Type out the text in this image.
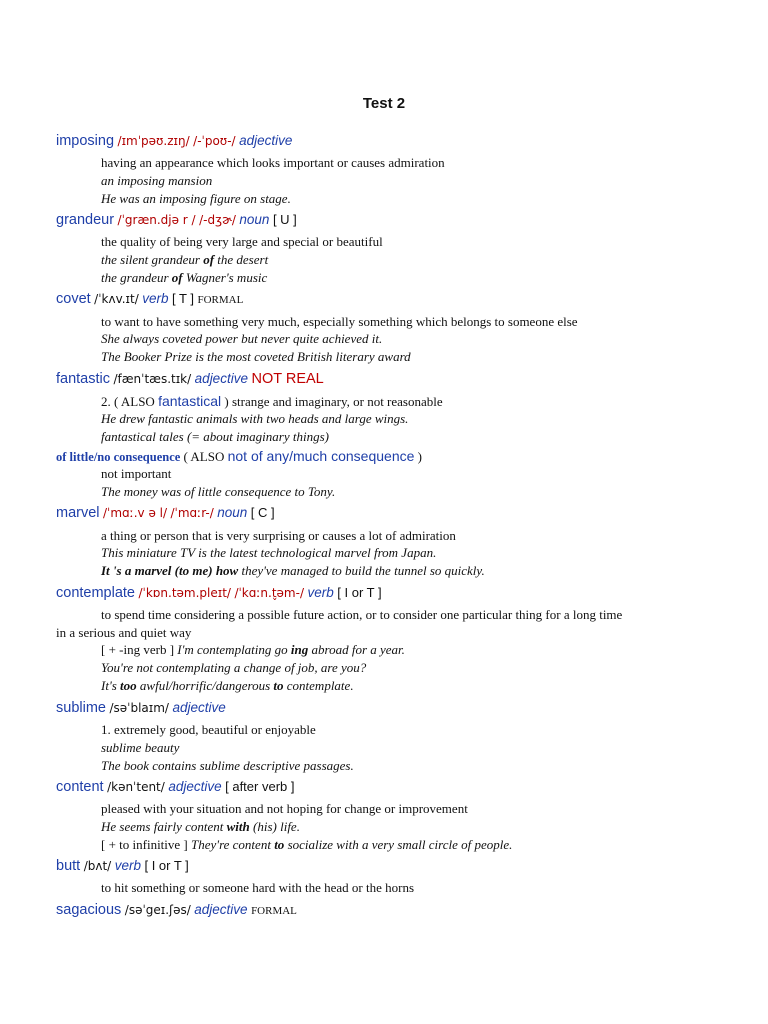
Test 2
imposing /ɪmˈpəʊ.zɪŋ/ /-ˈpoʊ-/ adjective
having an appearance which looks important or causes admiration
an imposing mansion
He was an imposing figure on stage.
grandeur /ˈgræn.djə r / /-dʒɚ/ noun [ U ]
the quality of being very large and special or beautiful
the silent grandeur of the desert
the grandeur of Wagner's music
covet /ˈkʌv.ɪt/ verb [ T ] FORMAL
to want to have something very much, especially something which belongs to someone else
She always coveted power but never quite achieved it.
The Booker Prize is the most coveted British literary award
fantastic /fænˈtæs.tɪk/ adjective NOT REAL
2. ( ALSO fantastical ) strange and imaginary, or not reasonable
He drew fantastic animals with two heads and large wings.
fantastical tales (= about imaginary things)
of little/no consequence ( ALSO not of any/much consequence )
not important
The money was of little consequence to Tony.
marvel /ˈmɑː.v ə l/ /ˈmɑːr-/ noun [ C ]
a thing or person that is very surprising or causes a lot of admiration
This miniature TV is the latest technological marvel from Japan.
It 's a marvel (to me) how they've managed to build the tunnel so quickly.
contemplate /ˈkɒn.təm.pleɪt/ /ˈkɑːn.t̬əm-/ verb [ I or T ]
to spend time considering a possible future action, or to consider one particular thing for a long time
in a serious and quiet way
[ + -ing verb ] I'm contemplating go ing abroad for a year.
You're not contemplating a change of job, are you?
It's too awful/horrific/dangerous to contemplate.
sublime /səˈblaɪm/ adjective
1. extremely good, beautiful or enjoyable
sublime beauty
The book contains sublime descriptive passages.
content /kənˈtent/ adjective [ after verb ]
pleased with your situation and not hoping for change or improvement
He seems fairly content with (his) life.
[ + to infinitive ] They're content to socialize with a very small circle of people.
butt /bʌt/ verb [ I or T ]
to hit something or someone hard with the head or the horns
sagacious /səˈgeɪ.ʃəs/ adjective FORMAL
